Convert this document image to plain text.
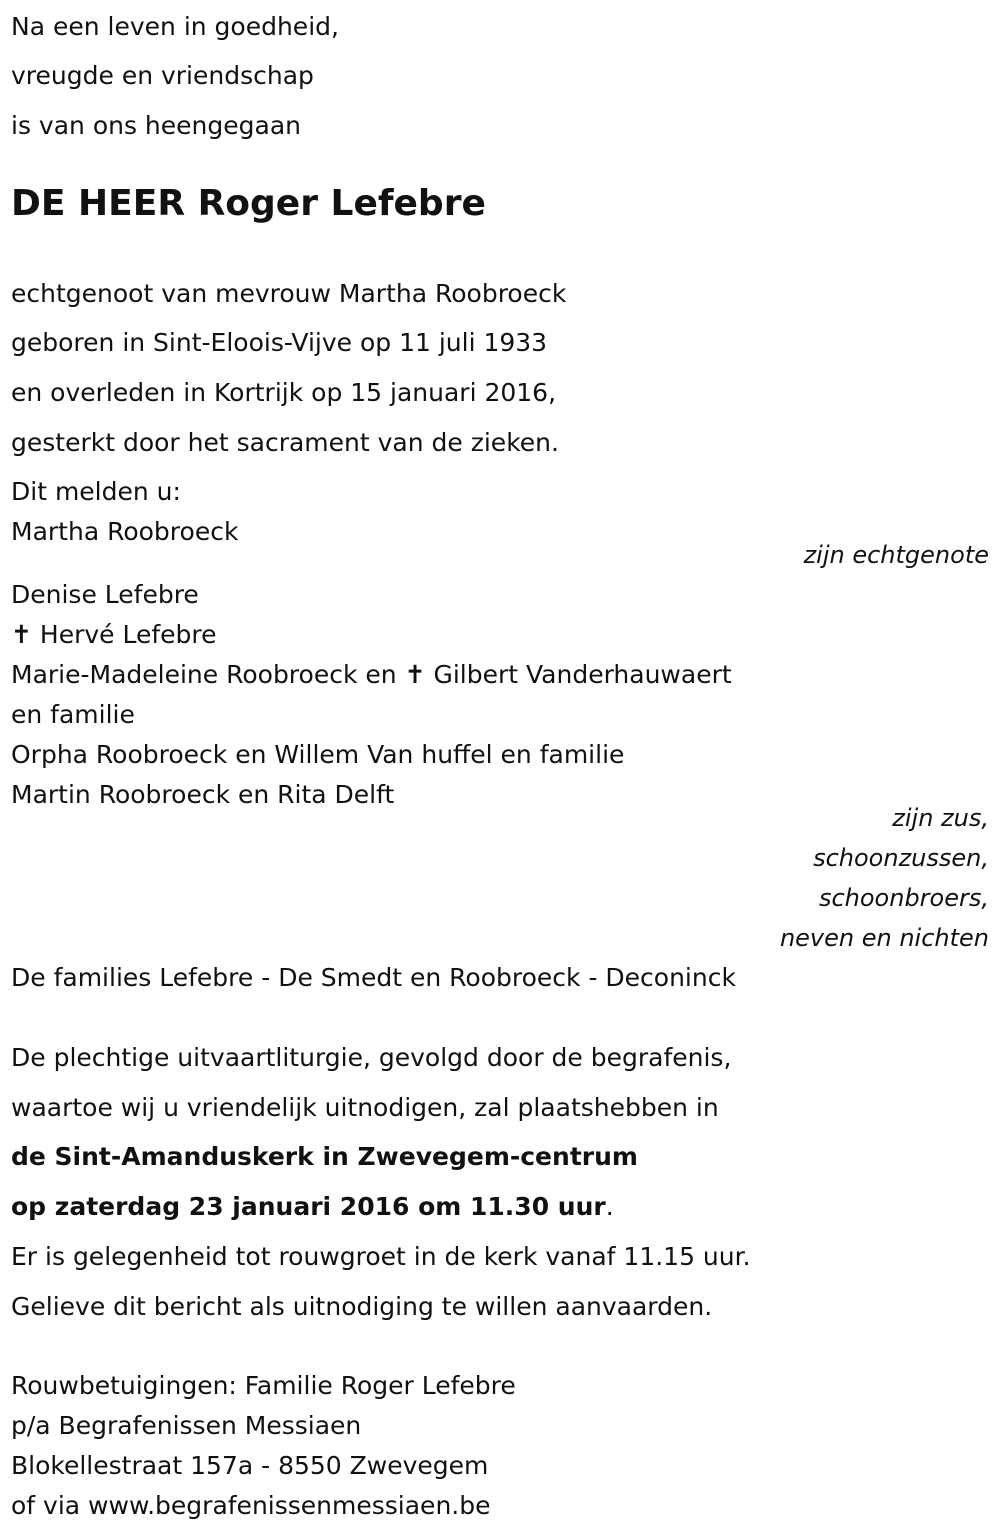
Na een leven in goedheid,
vreugde en vriendschap
is van ons heengegaan
DE HEER Roger Lefebre
echtgenoot van mevrouw Martha Roobroeck
geboren in Sint-Eloois-Vijve op 11 juli 1933
en overleden in Kortrijk op 15 januari 2016,
gesterkt door het sacrament van de zieken.
Dit melden u:
Martha Roobroeck
zijn echtgenote
Denise Lefebre
✝ Hervé Lefebre
Marie-Madeleine Roobroeck en ✝ Gilbert Vanderhauwaert
en familie
Orpha Roobroeck en Willem Van huffel en familie
Martin Roobroeck en Rita Delft
zijn zus,
schoonzussen,
schoonbroers,
neven en nichten
De families Lefebre - De Smedt en Roobroeck - Deconinck
De plechtige uitvaartliturgie, gevolgd door de begrafenis,
waartoe wij u vriendelijk uitnodigen, zal plaatshebben in
de Sint-Amanduskerk in Zwevegem-centrum
op zaterdag 23 januari 2016 om 11.30 uur.
Er is gelegenheid tot rouwgroet in de kerk vanaf 11.15 uur.
Gelieve dit bericht als uitnodiging te willen aanvaarden.
Rouwbetuigingen: Familie Roger Lefebre
p/a Begrafenissen Messiaen
Blokellestraat 157a - 8550 Zwevegem
of via www.begrafenissenmessiaen.be
